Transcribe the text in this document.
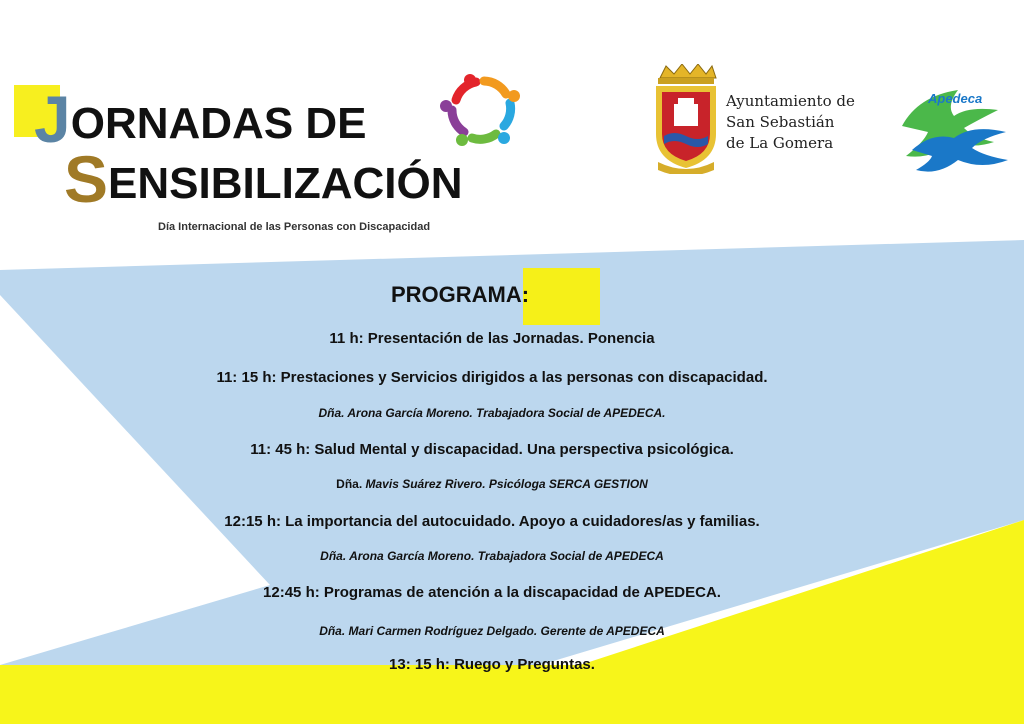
JORNADAS DE
SENSIBILIZACIÓN
Día Internacional de las Personas con Discapacidad
Ayuntamiento de
San Sebastián
de La Gomera
Apedeca
PROGRAMA:
11 h: Presentación de las Jornadas. Ponencia
11: 15 h: Prestaciones y Servicios dirigidos a las personas con discapacidad.
Dña. Arona García Moreno. Trabajadora Social de APEDECA.
11: 45 h: Salud Mental y discapacidad. Una perspectiva psicológica.
Dña. Mavis Suárez Rivero. Psicóloga SERCA GESTION
12:15 h: La importancia del autocuidado. Apoyo a cuidadores/as y familias.
Dña. Arona García Moreno. Trabajadora Social de APEDECA
12:45 h: Programas de atención a la discapacidad de APEDECA.
Dña. Mari Carmen Rodríguez Delgado. Gerente de APEDECA
13: 15 h: Ruego y Preguntas.
